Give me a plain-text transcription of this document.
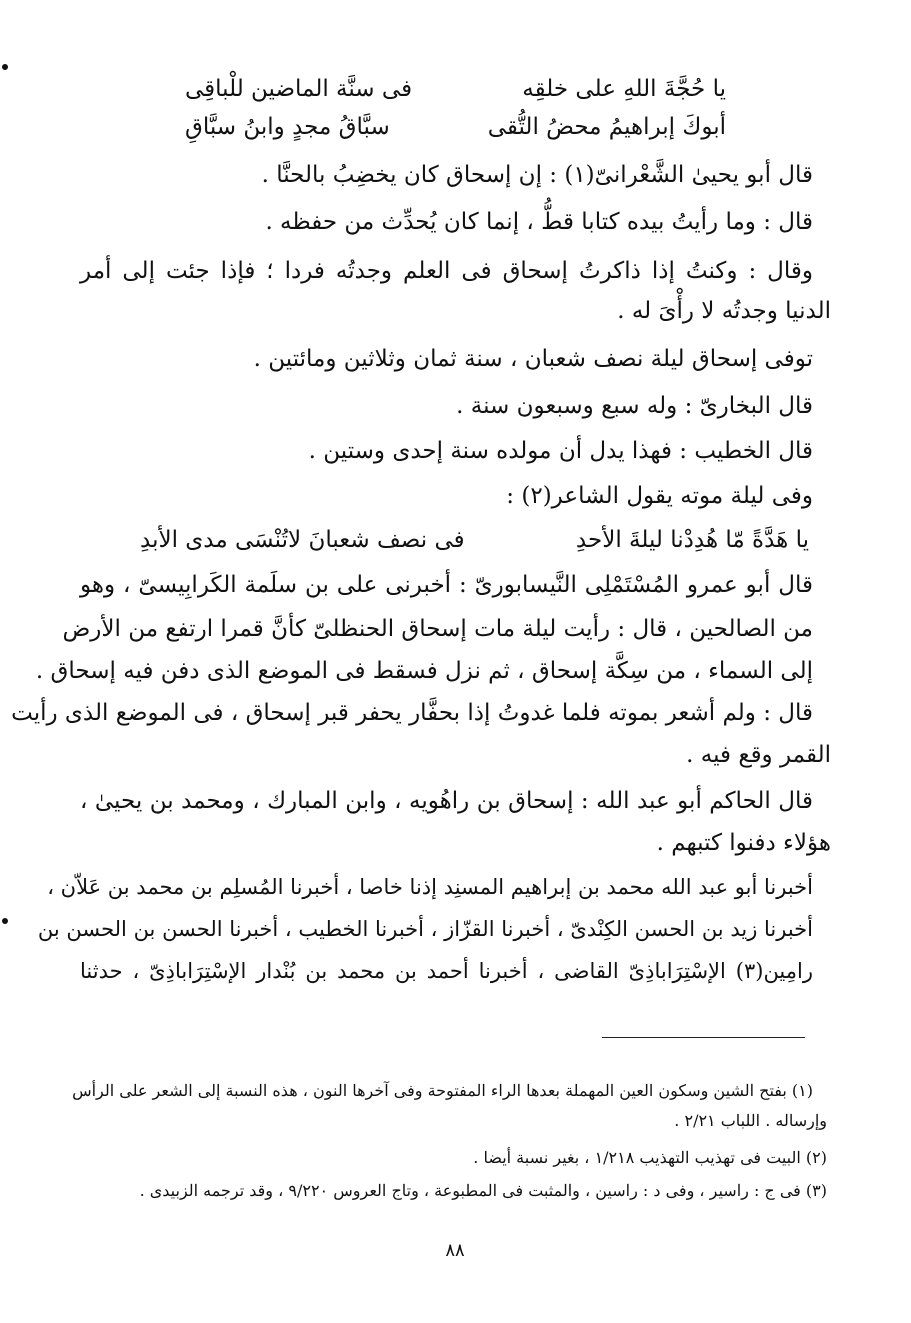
يا حُجَّةَ اللهِ على خلقِه
فى سنَّة الماضين للْباقِى
أبوكَ إبراهيمُ محضُ التُّقى
سبَّاقُ مجدٍ وابنُ سبَّاقِ
قال أبو يحيىٰ الشَّعْرانىّ(١) : إن إسحاق كان يخضِبُ بالحنَّا .
قال : وما رأيتُ بيده كتابا قطُّ ، إنما كان يُحدِّث من حفظه .
وقال : وكنتُ إذا ذاكرتُ إسحاق فى العلم وجدتُه فردا ؛ فإذا جئت إلى أمر
الدنيا وجدتُه لا رأْىَ له .
توفى إسحاق ليلة نصف شعبان ، سنة ثمان وثلاثين ومائتين .
قال البخارىّ : وله سبع وسبعون سنة .
قال الخطيب : فهذا يدل أن مولده سنة إحدى وستين .
وفى ليلة موته يقول الشاعر(٢) :
يا هَدَّةً مّا هُدِدْنا ليلةَ الأحدِ
فى نصف شعبانَ لاتُنْسَى مدى الأبدِ
قال أبو عمرو المُسْتَمْلِى النَّيسابورىّ : أخبرنى على بن سلَمة الكَرابِيسىّ ، وهو
من الصالحين ، قال : رأيت ليلة مات إسحاق الحنظلىّ كأنَّ قمرا ارتفع من الأرض
إلى السماء ، من سِكَّة إسحاق ، ثم نزل فسقط فى الموضع الذى دفن فيه إسحاق .
قال : ولم أشعر بموته فلما غدوتُ إذا بحفَّار يحفر قبر إسحاق ، فى الموضع الذى رأيت
القمر وقع فيه .
قال الحاكم أبو عبد الله : إسحاق بن راهُويه ، وابن المبارك ، ومحمد بن يحيىٰ ،
هؤلاء دفنوا كتبهم .
أخبرنا أبو عبد الله محمد بن إبراهيم المسنِد إذنا خاصا ، أخبرنا المُسلِم بن محمد بن عَلاّن ،
أخبرنا زيد بن الحسن الكِنْدىّ ، أخبرنا القزّاز ، أخبرنا الخطيب ، أخبرنا الحسن بن الحسن بن
رامِين(٣) الإسْتِرَاباذِىّ القاضى ، أخبرنا أحمد بن محمد بن بُنْدار الإسْتِرَاباذِىّ ، حدثنا
(١) بفتح الشين وسكون العين المهملة بعدها الراء المفتوحة وفى آخرها النون ، هذه النسبة إلى الشعر على الرأس
وإرساله . اللباب ٢/٢١ .
(٢) البيت فى تهذيب التهذيب ١/٢١٨ ، بغير نسبة أيضا .
(٣) فى ج : راسير ، وفى د : راسين ، والمثبت فى المطبوعة ، وتاج العروس ٩/٢٢٠ ، وقد ترجمه الزبيدى .
٨٨
